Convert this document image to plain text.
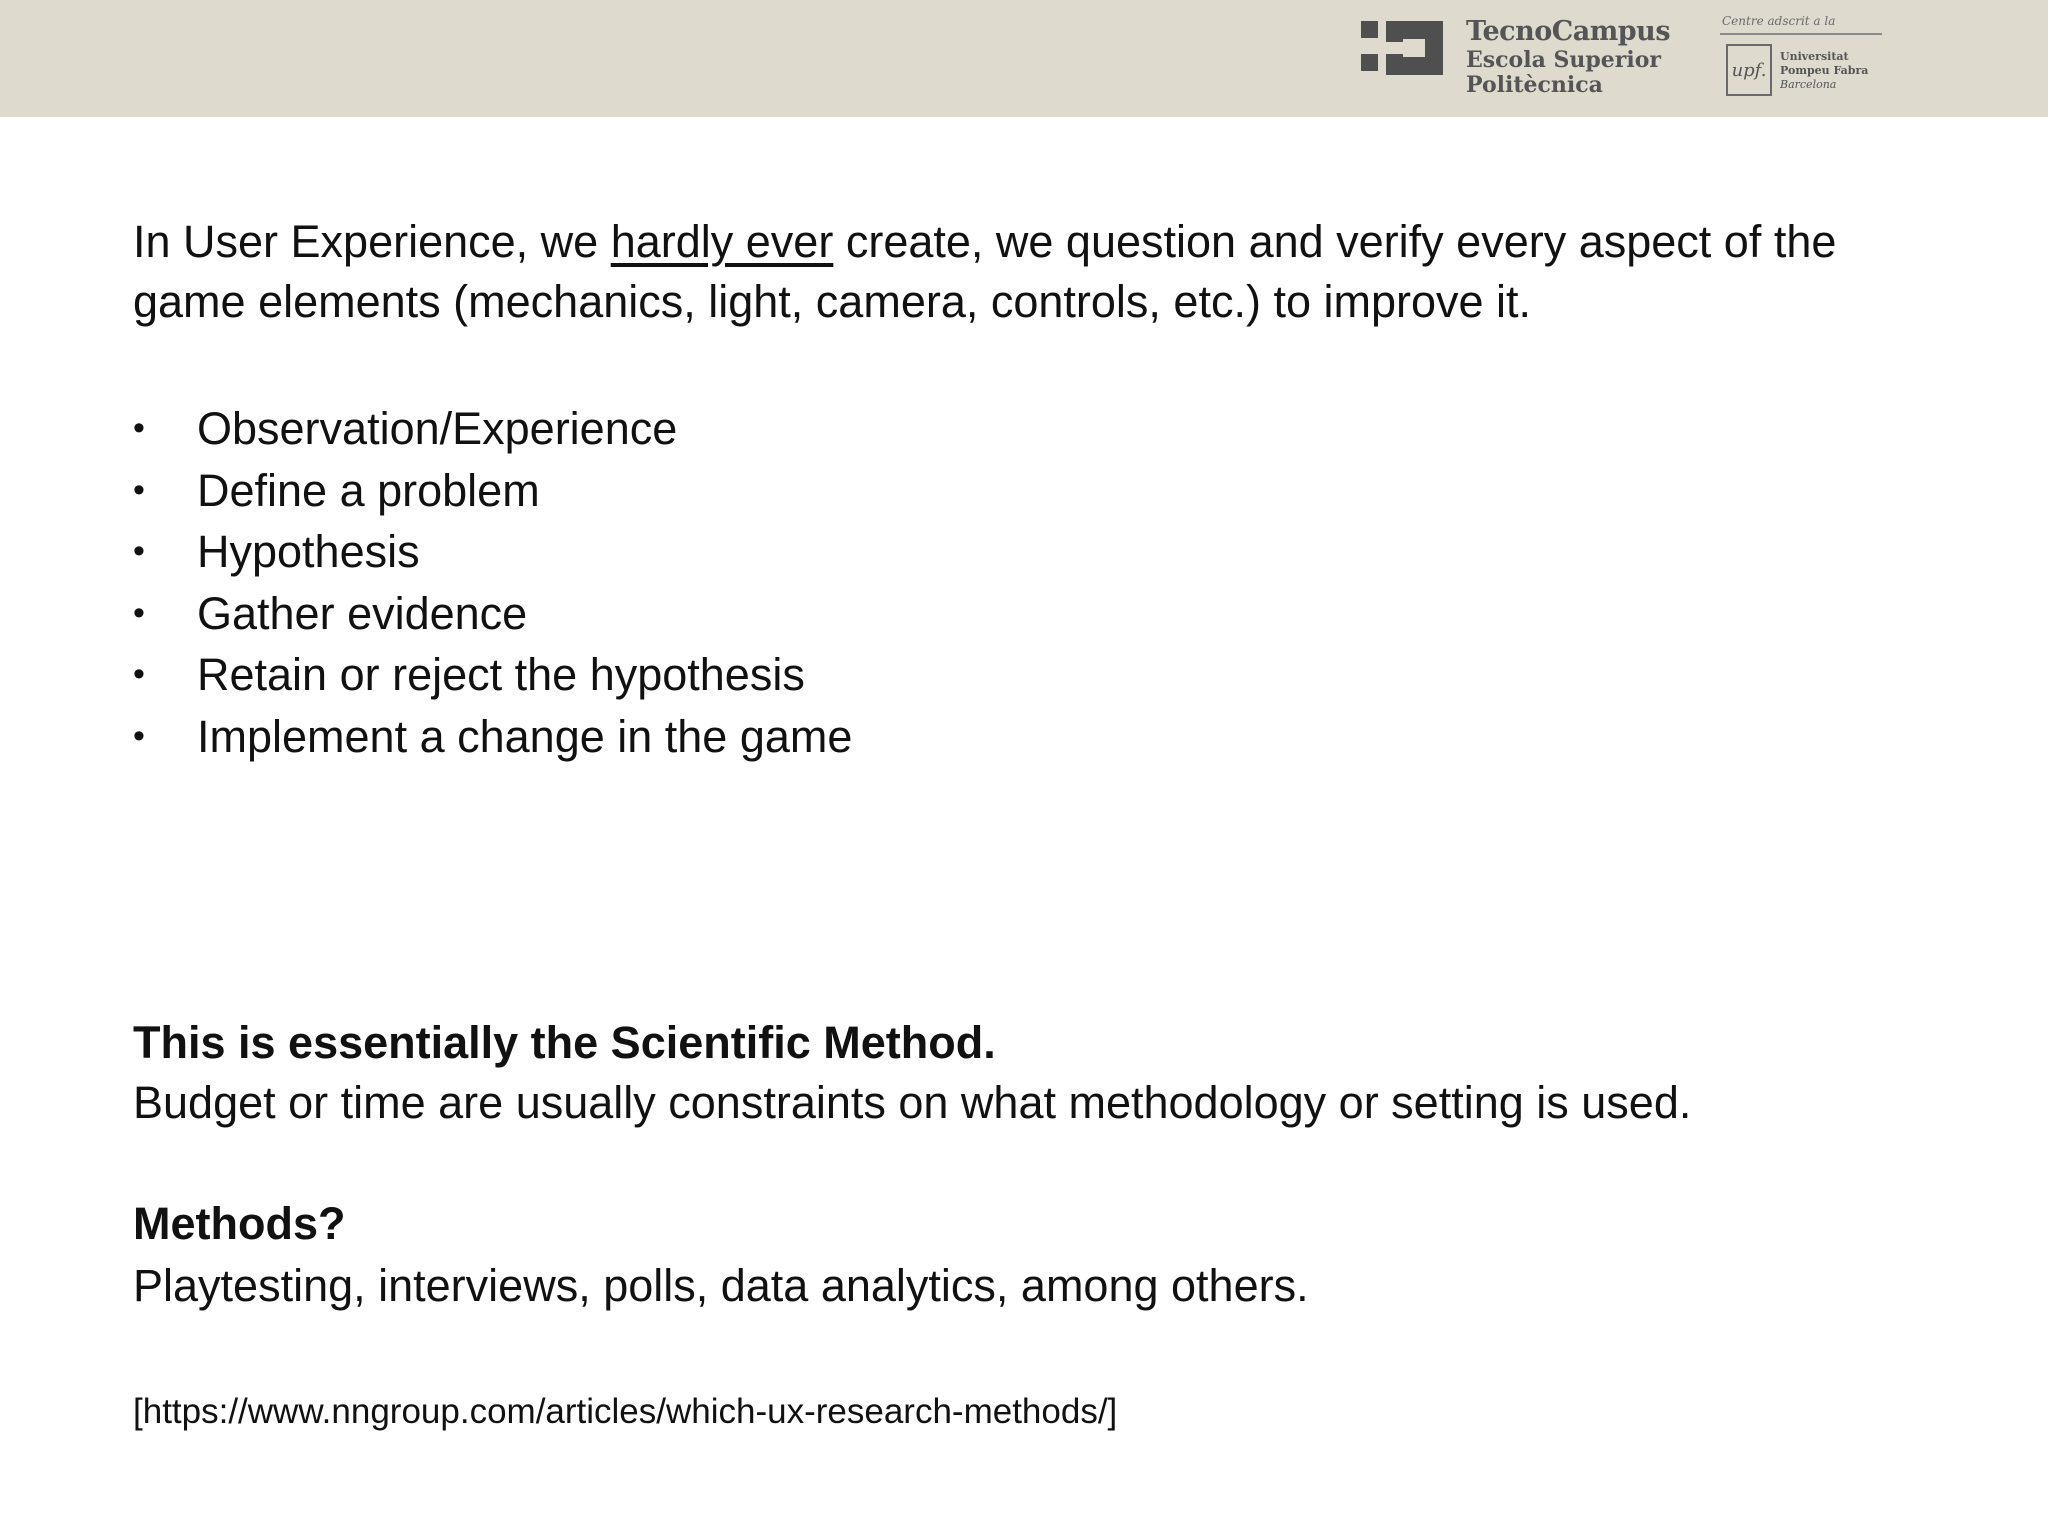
TecnoCampus
Escola Superior
Politècnica
Centre adscrit a la
upf.
Universitat
Pompeu Fabra
Barcelona

In User Experience, we hardly ever create, we question and verify every aspect of the game elements (mechanics, light, camera, controls, etc.) to improve it.

• Observation/Experience
• Define a problem
• Hypothesis
• Gather evidence
• Retain or reject the hypothesis
• Implement a change in the game

This is essentially the Scientific Method.
Budget or time are usually constraints on what methodology or setting is used.

Methods?
Playtesting, interviews, polls, data analytics, among others.

[https://www.nngroup.com/articles/which-ux-research-methods/]
